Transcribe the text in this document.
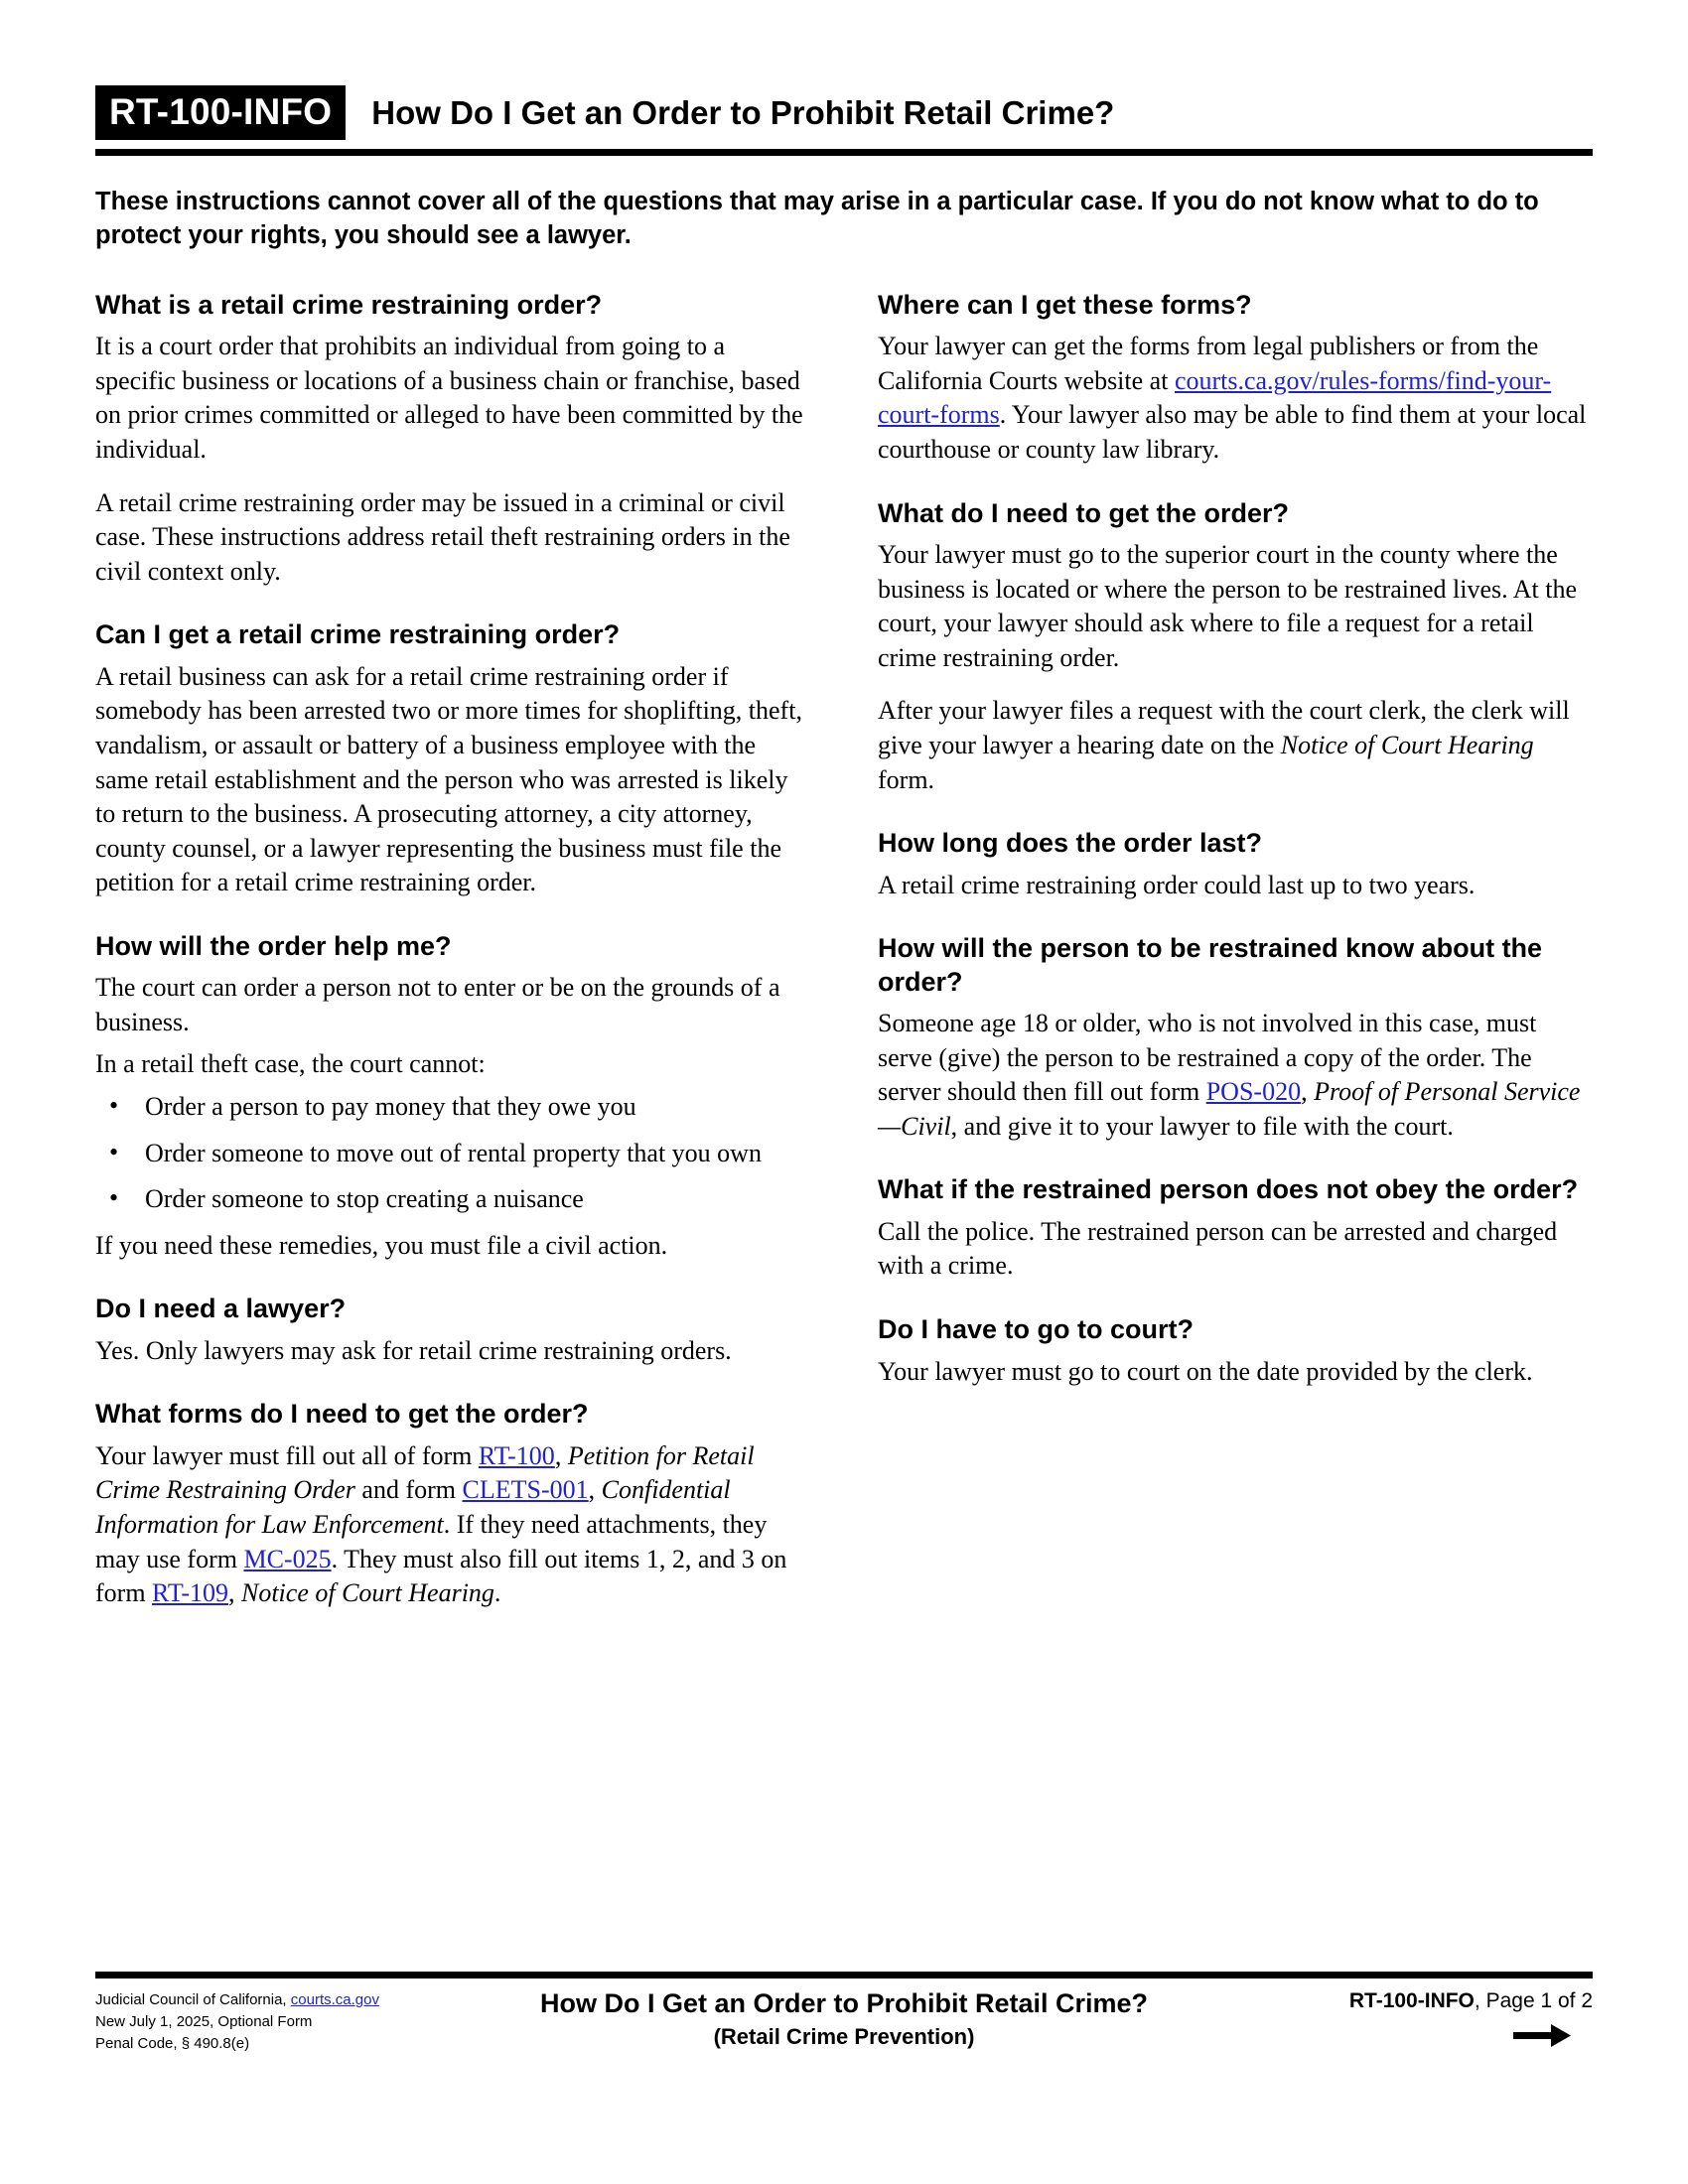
RT-100-INFO	How Do I Get an Order to Prohibit Retail Crime?

These instructions cannot cover all of the questions that may arise in a particular case. If you do not know what to do to protect your rights, you should see a lawyer.

What is a retail crime restraining order?

It is a court order that prohibits an individual from going to a specific business or locations of a business chain or franchise, based on prior crimes committed or alleged to have been committed by the individual.

A retail crime restraining order may be issued in a criminal or civil case. These instructions address retail theft restraining orders in the civil context only.

Can I get a retail crime restraining order?

A retail business can ask for a retail crime restraining order if somebody has been arrested two or more times for shoplifting, theft, vandalism, or assault or battery of a business employee with the same retail establishment and the person who was arrested is likely to return to the business. A prosecuting attorney, a city attorney, county counsel, or a lawyer representing the business must file the petition for a retail crime restraining order.

How will the order help me?

The court can order a person not to enter or be on the grounds of a business.

In a retail theft case, the court cannot:

• Order a person to pay money that they owe you
• Order someone to move out of rental property that you own
• Order someone to stop creating a nuisance

If you need these remedies, you must file a civil action.

Do I need a lawyer?

Yes. Only lawyers may ask for retail crime restraining orders.

What forms do I need to get the order?

Your lawyer must fill out all of form RT-100, Petition for Retail Crime Restraining Order and form CLETS-001, Confidential Information for Law Enforcement. If they need attachments, they may use form MC-025. They must also fill out items 1, 2, and 3 on form RT-109, Notice of Court Hearing.

Where can I get these forms?

Your lawyer can get the forms from legal publishers or from the California Courts website at courts.ca.gov/rules-forms/find-your-court-forms. Your lawyer also may be able to find them at your local courthouse or county law library.

What do I need to get the order?

Your lawyer must go to the superior court in the county where the business is located or where the person to be restrained lives. At the court, your lawyer should ask where to file a request for a retail crime restraining order.

After your lawyer files a request with the court clerk, the clerk will give your lawyer a hearing date on the Notice of Court Hearing form.

How long does the order last?

A retail crime restraining order could last up to two years.

How will the person to be restrained know about the order?

Someone age 18 or older, who is not involved in this case, must serve (give) the person to be restrained a copy of the order. The server should then fill out form POS-020, Proof of Personal Service—Civil, and give it to your lawyer to file with the court.

What if the restrained person does not obey the order?

Call the police. The restrained person can be arrested and charged with a crime.

Do I have to go to court?

Your lawyer must go to court on the date provided by the clerk.

Judicial Council of California, courts.ca.gov
New July 1, 2025, Optional Form
Penal Code, § 490.8(e)
How Do I Get an Order to Prohibit Retail Crime?
(Retail Crime Prevention)
RT-100-INFO, Page 1 of 2
